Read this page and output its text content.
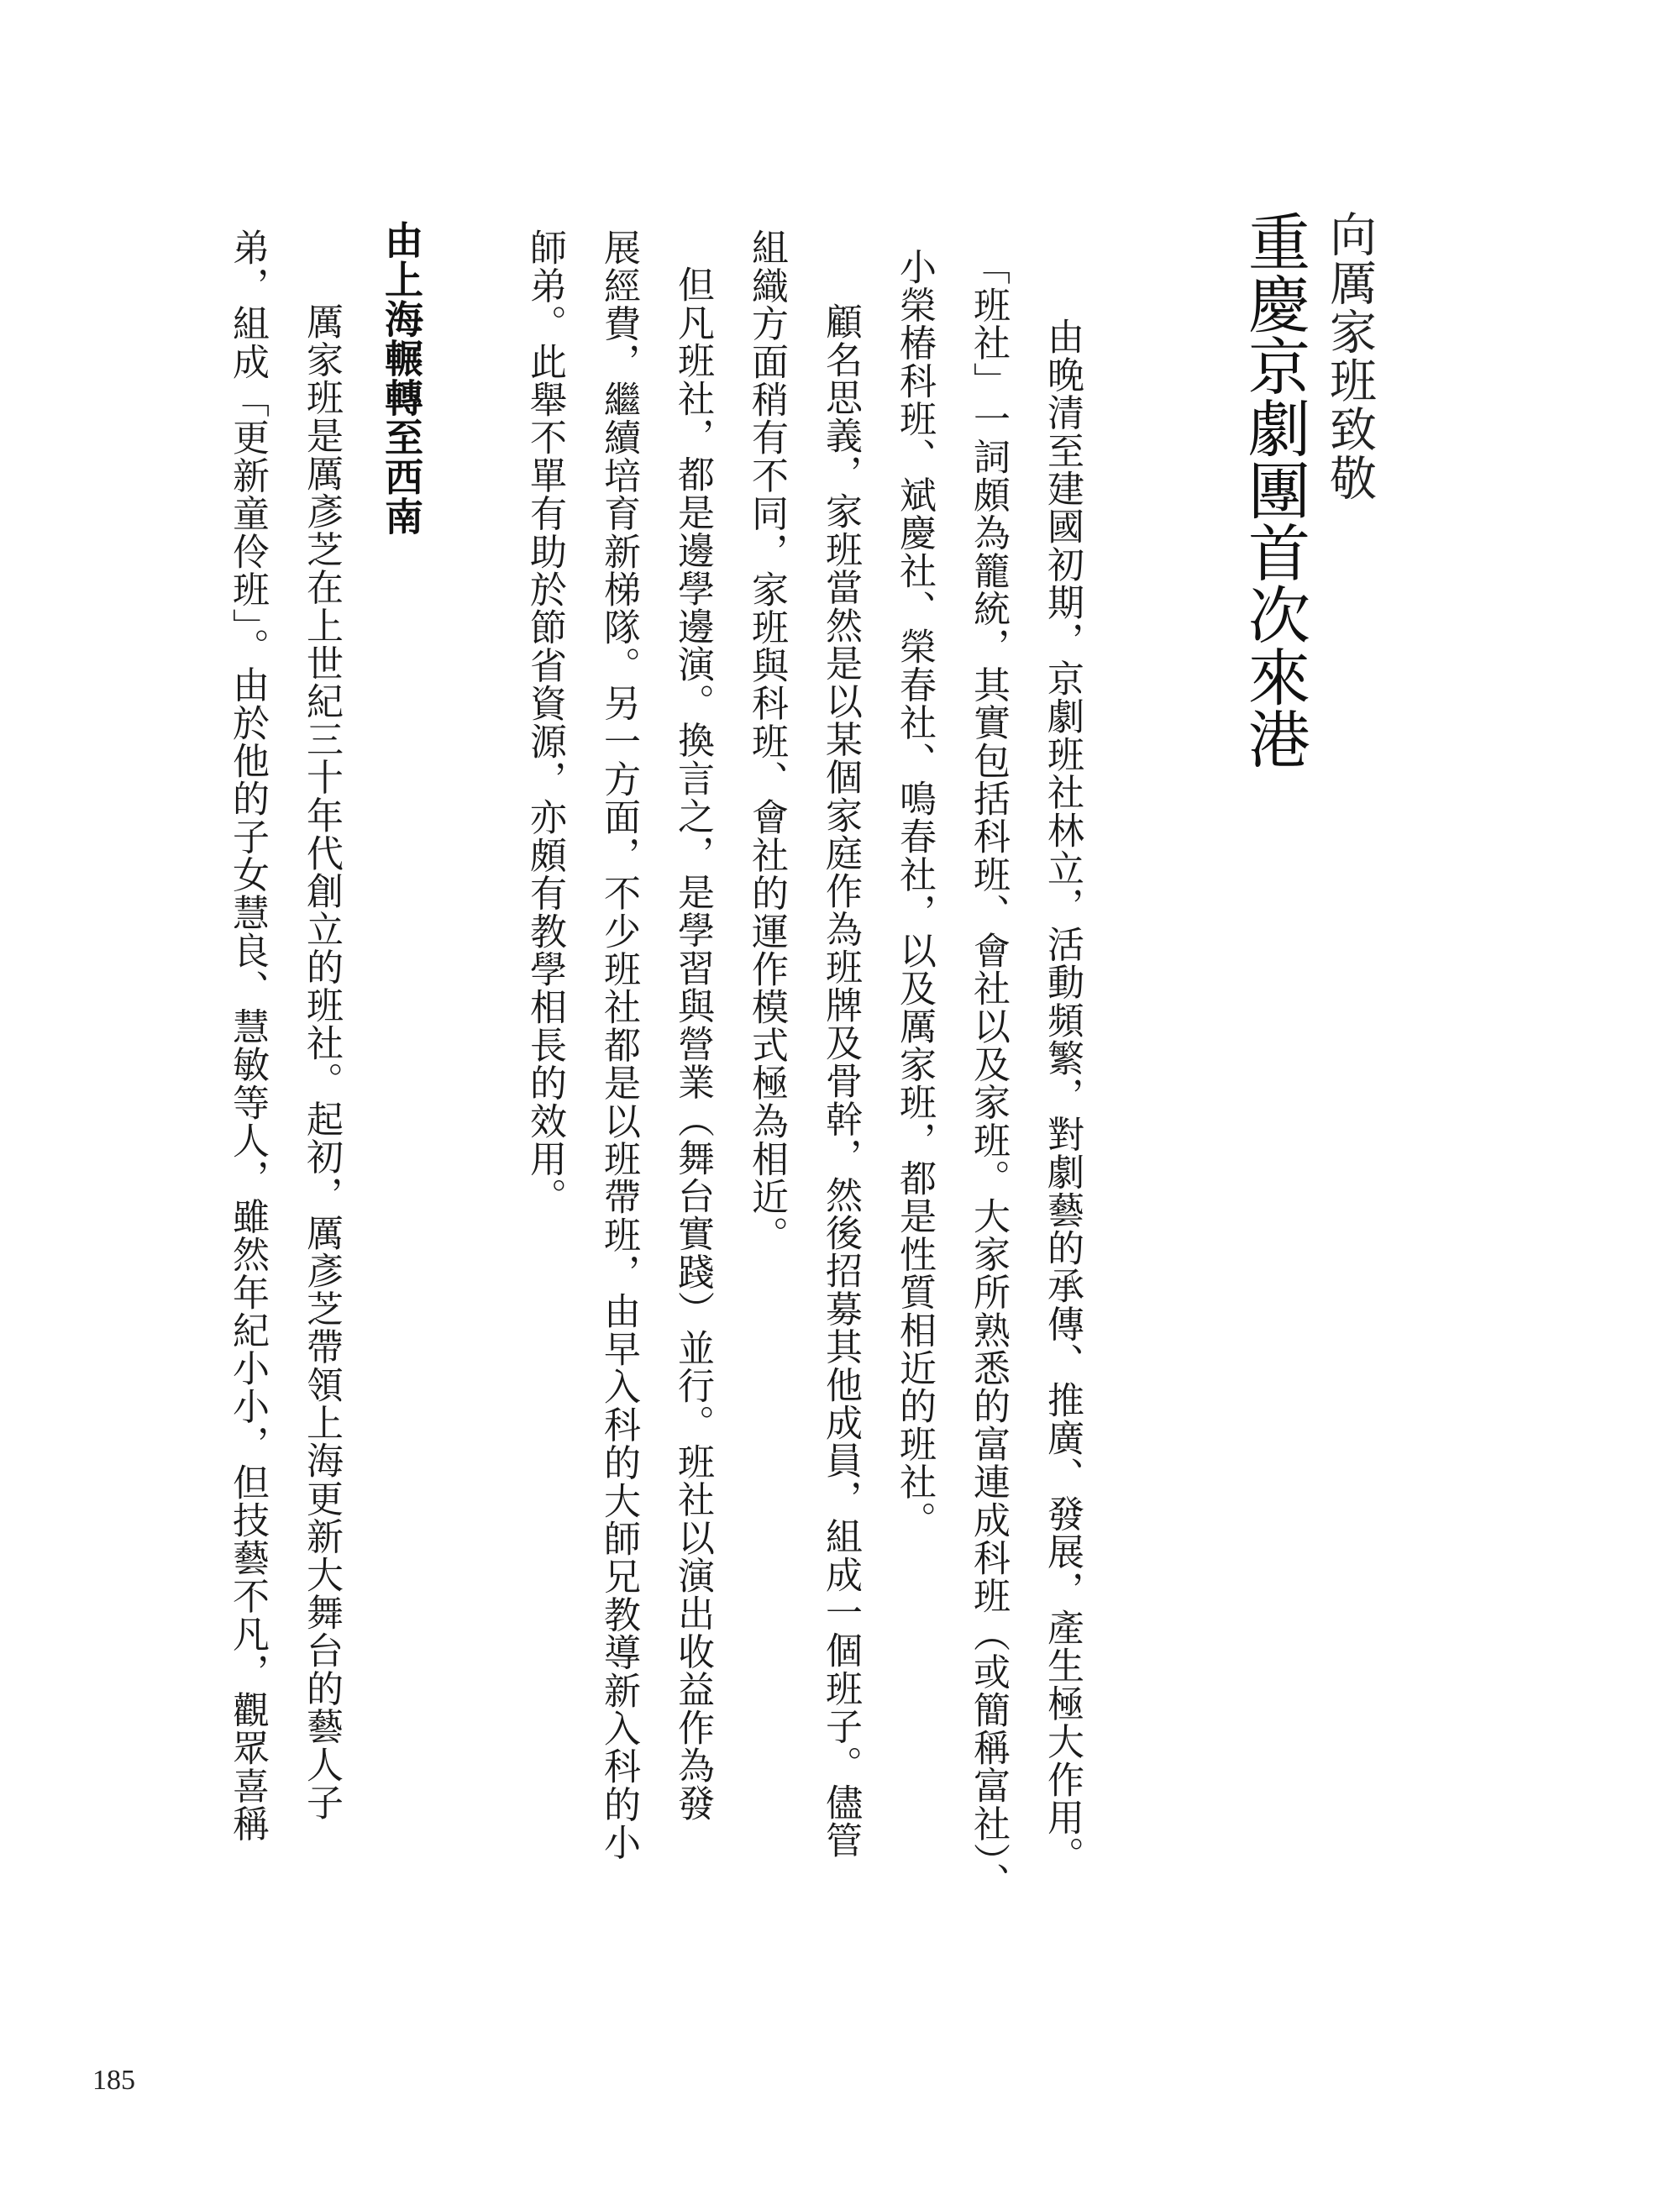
向厲家班致敬
重慶京劇團首次來港
由晚清至建國初期，京劇班社林立，活動頻繁，對劇藝的承傳、推廣、發展，產生極大作用。
「班社」一詞頗為籠統，其實包括科班、會社以及家班。大家所熟悉的富連成科班（或簡稱富社）、
小榮椿科班、斌慶社、榮春社、鳴春社，以及厲家班，都是性質相近的班社。
顧名思義，家班當然是以某個家庭作為班牌及骨幹，然後招募其他成員，組成一個班子。儘管
組織方面稍有不同，家班與科班、會社的運作模式極為相近。
但凡班社，都是邊學邊演。換言之，是學習與營業（舞台實踐）並行。班社以演出收益作為發
展經費，繼續培育新梯隊。另一方面，不少班社都是以班帶班，由早入科的大師兄教導新入科的小
師弟。此舉不單有助於節省資源，亦頗有教學相長的效用。
由上海輾轉至西南
厲家班是厲彥芝在上世紀三十年代創立的班社。起初，厲彥芝帶領上海更新大舞台的藝人子
弟，組成「更新童伶班」。由於他的子女慧良、慧敏等人，雖然年紀小小，但技藝不凡，觀眾喜稱
185
